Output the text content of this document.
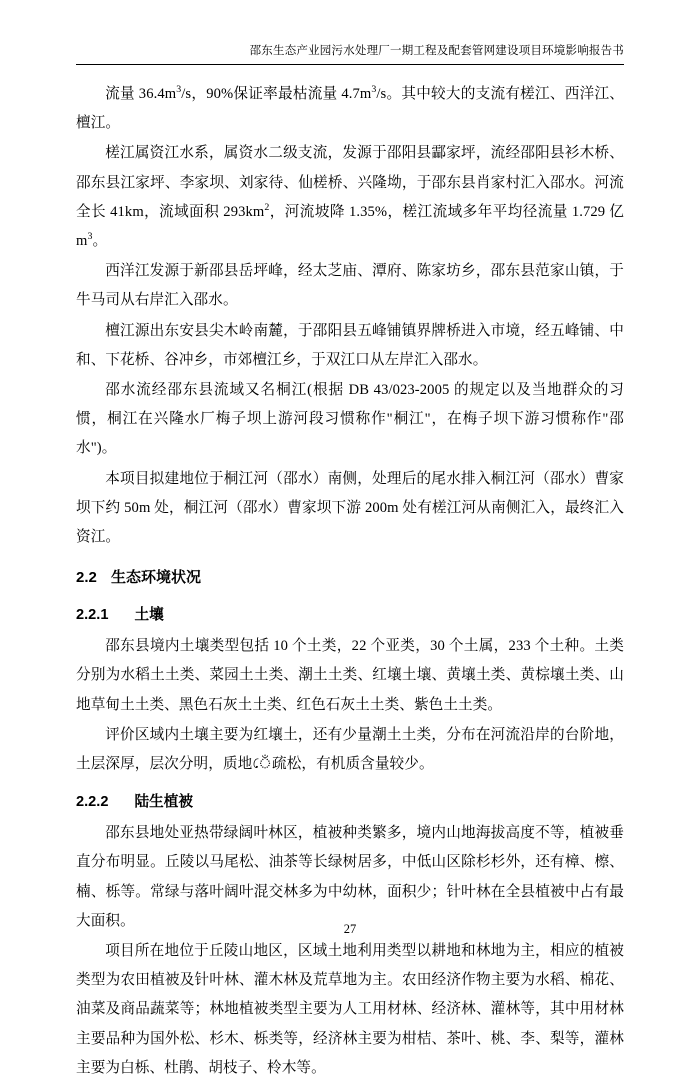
邵东生态产业园污水处理厂一期工程及配套管网建设项目环境影响报告书

流量 $36.4m^3/s$，90%保证率最枯流量 $4.7m^3/s$。其中较大的支流有槎江、西洋江、檀江。

槎江属资江水系，属资水二级支流，发源于邵阳县酃家坪，流经邵阳县衫木桥、邵东县江家坪、李家坝、刘家待、仙槎桥、兴隆坳，于邵东县肖家村汇入邵水。河流全长 41km，流域面积 $293km^2$，河流坡降 1.35%，槎江流域多年平均径流量 1.729 亿 $m^3$。

西洋江发源于新邵县岳坪峰，经太芝庙、潭府、陈家坊乡，邵东县范家山镇，于牛马司从右岸汇入邵水。

檀江源出东安县尖木岭南麓，于邵阳县五峰铺镇界牌桥进入市境，经五峰铺、中和、下花桥、谷冲乡，市郊檀江乡，于双江口从左岸汇入邵水。

邵水流经邵东县流域又名桐江(根据 DB 43/023-2005 的规定以及当地群众的习惯，桐江在兴隆水厂梅子坝上游河段习惯称作"桐江"，在梅子坝下游习惯称作"邵水")。

本项目拟建地位于桐江河（邵水）南侧，处理后的尾水排入桐江河（邵水）曹家坝下约 50m 处，桐江河（邵水）曹家坝下游 200m 处有槎江河从南侧汇入，最终汇入资江。

2.2 生态环境状况
2.2.1 土壤

邵东县境内土壤类型包括 10 个土类，22 个亚类，30 个土属，233 个土种。土类分别为水稻土土类、菜园土土类、潮土土类、红壤土壤、黄壤土类、黄棕壤土类、山地草甸土土类、黑色石灰土土类、红色石灰土土类、紫色土土类。

评价区域内土壤主要为红壤土，还有少量潮土土类，分布在河流沿岸的台阶地，土层深厚，层次分明，质地েঁ疏松，有机质含量较少。

2.2.2 陆生植被

邵东县地处亚热带绿阔叶林区，植被种类繁多，境内山地海拔高度不等，植被垂直分布明显。丘陵以马尾松、油茶等长绿树居多，中低山区除杉杉外，还有樟、檫、楠、栎等。常绿与落叶阔叶混交林多为中幼林，面积少；针叶林在全县植被中占有最大面积。

项目所在地位于丘陵山地区，区域土地利用类型以耕地和林地为主，相应的植被类型为农田植被及针叶林、灌木林及荒草地为主。农田经济作物主要为水稻、棉花、油菜及商品蔬菜等；林地植被类型主要为人工用材林、经济林、灌林等，其中用材林主要品种为国外松、杉木、栎类等，经济林主要为柑桔、茶叶、桃、李、梨等，灌林主要为白栎、杜鹃、胡枝子、柃木等。

27
